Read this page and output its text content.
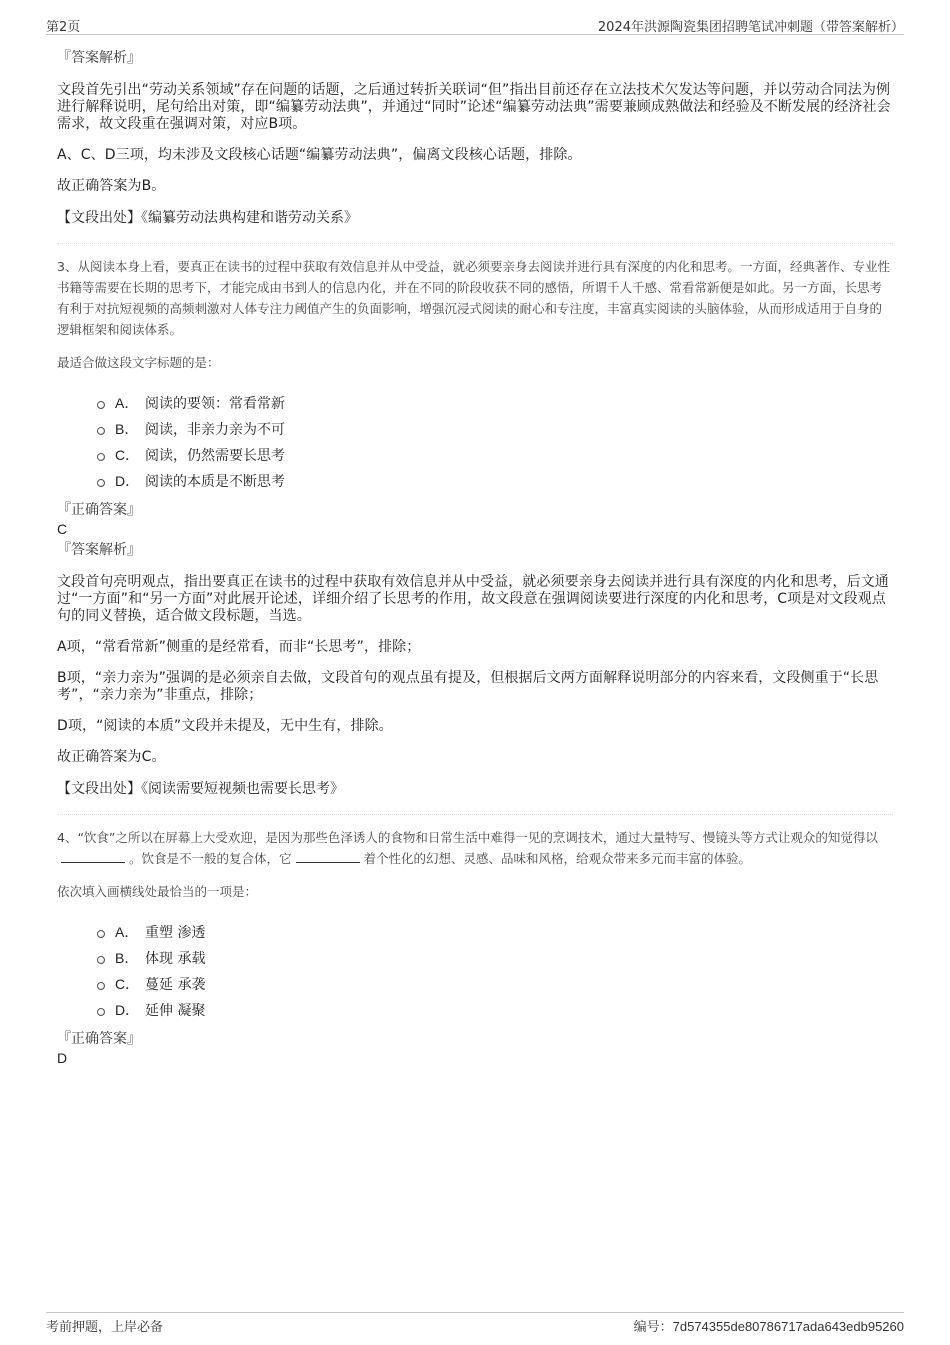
第2页	2024年洪源陶瓷集团招聘笔试冲刺题（带答案解析）
『答案解析』

文段首先引出“劳动关系领域”存在问题的话题，之后通过转折关联词“但”指出目前还存在立法技术欠发达等问题，并以劳动合同法为例进行解释说明，尾句给出对策，即“编纂劳动法典”，并通过“同时”论述“编纂劳动法典”需要兼顾成熟做法和经验及不断发展的经济社会需求，故文段重在强调对策，对应B项。

A、C、D三项，均未涉及文段核心话题“编纂劳动法典”，偏离文段核心话题，排除。

故正确答案为B。

【文段出处】《编纂劳动法典构建和谐劳动关系》

3、从阅读本身上看，要真正在读书的过程中获取有效信息并从中受益，就必须要亲身去阅读并进行具有深度的内化和思考。一方面，经典著作、专业性书籍等需要在长期的思考下，才能完成由书到人的信息内化，并在不同的阶段收获不同的感悟，所谓千人千感、常看常新便是如此。另一方面，长思考有利于对抗短视频的高频刺激对人体专注力阈值产生的负面影响，增强沉浸式阅读的耐心和专注度，丰富真实阅读的头脑体验，从而形成适用于自身的逻辑框架和阅读体系。

最适合做这段文字标题的是：

A． 阅读的要领：常看常新
B． 阅读，非亲力亲为不可
C． 阅读，仍然需要长思考
D． 阅读的本质是不断思考
『正确答案』
C
『答案解析』

文段首句亮明观点，指出要真正在读书的过程中获取有效信息并从中受益，就必须要亲身去阅读并进行具有深度的内化和思考，后文通过“一方面”和“另一方面”对此展开论述，详细介绍了长思考的作用，故文段意在强调阅读要进行深度的内化和思考，C项是对文段观点句的同义替换，适合做文段标题，当选。

A项，“常看常新”侧重的是经常看，而非“长思考”，排除；

B项，“亲力亲为”强调的是必须亲自去做，文段首句的观点虽有提及，但根据后文两方面解释说明部分的内容来看，文段侧重于“长思考”，“亲力亲为”非重点，排除；

D项，“阅读的本质”文段并未提及，无中生有，排除。

故正确答案为C。

【文段出处】《阅读需要短视频也需要长思考》

4、“饮食”之所以在屏幕上大受欢迎，是因为那些色泽诱人的食物和日常生活中难得一见的烹调技术，通过大量特写、慢镜头等方式让观众的知觉得以。饮食是不一般的复合体，它	着个性化的幻想、灵感、品味和风格，给观众带来多元而丰富的体验。

依次填入画横线处最恰当的一项是：

A． 重塑 渗透
B． 体现 承载
C． 蔓延 承袭
D． 延伸 凝聚
『正确答案』
D
考前押题，上岸必备	编号：7d574355de80786717ada643edb95260
